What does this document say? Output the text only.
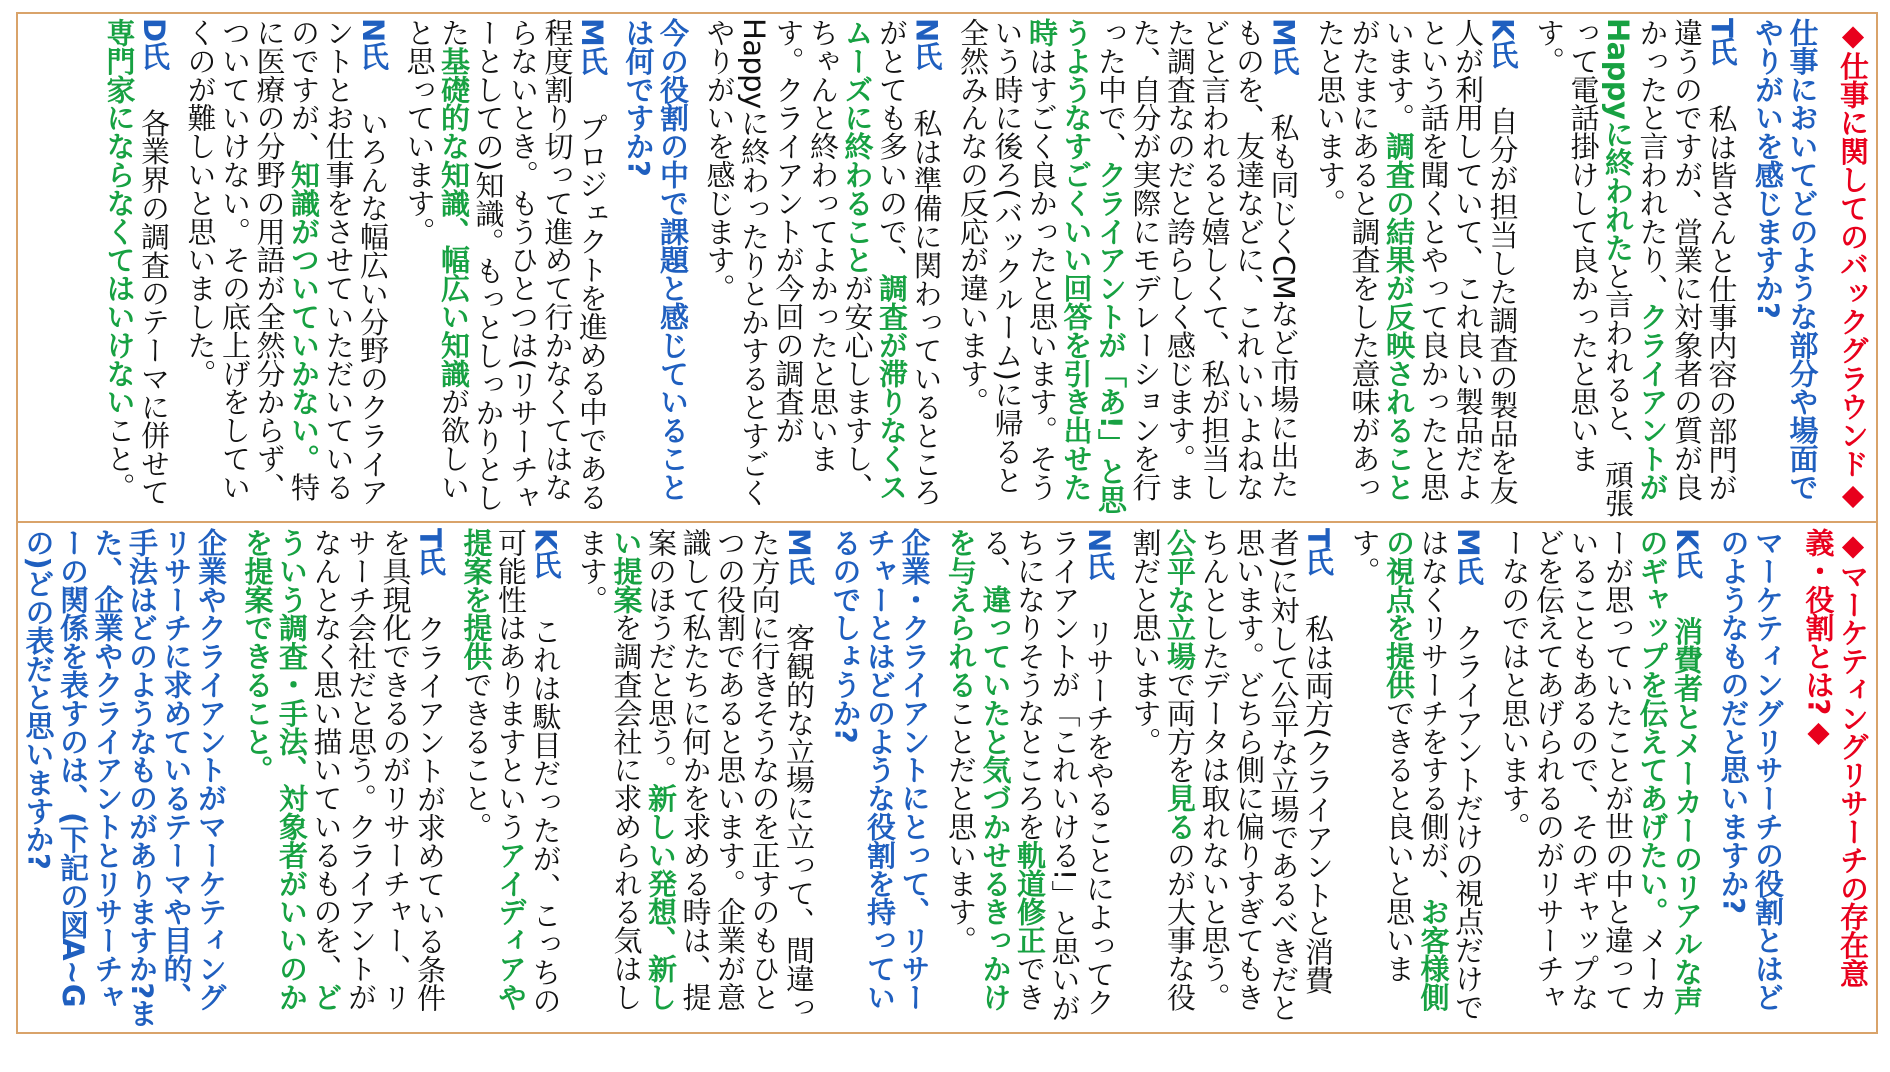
◆仕事に関してのバックグラウンド◆
仕事においてどのような部分や場面でやりがいを感じますか?
T氏　私は皆さんと仕事内容の部門が違うのですが、営業に対象者の質が良かったと言われたり、クライアントがHappyに終われたと言われると、頑張って電話掛けして良かったと思います。
K氏　自分が担当した調査の製品を友人が利用していて、これ良い製品だよという話を聞くとやって良かったと思います。調査の結果が反映されることがたまにあると調査をした意味があったと思います。
M氏　私も同じくCMなど市場に出たものを、友達などに、これいいよねなどと言われると嬉しくて、私が担当した調査なのだと誇らしく感じます。また、自分が実際にモデレーションを行った中で、クライアントが「あ!」と思うようなすごくいい回答を引き出せた時はすごく良かったと思います。そういう時に後ろ(バックルーム)に帰ると全然みんなの反応が違います。
N氏　私は準備に関わっているところがとても多いので、調査が滞りなくスムーズに終わることが安心しますし、ちゃんと終わってよかったと思います。クライアントが今回の調査がHappyに終わったりとかするとすごくやりがいを感じます。
今の役割の中で課題と感じていることは何ですか?
M氏　プロジェクトを進める中である程度割り切って進めて行かなくてはならないとき。もうひとつは(リサーチャーとしての)知識。もっとしっかりとした基礎的な知識、幅広い知識が欲しいと思っています。
N氏　いろんな幅広い分野のクライアントとお仕事をさせていただいているのですが、知識がついていかない。特に医療の分野の用語が全然分からず、ついていけない。その底上げをしていくのが難しいと思いました。
D氏　各業界の調査のテーマに併せて専門家にならなくてはいけないこと。
◆マーケティングリサーチの存在意義・役割とは?◆
マーケティングリサーチの役割とはどのようなものだと思いますか?
K氏　消費者とメーカーのリアルな声のギャップを伝えてあげたい。メーカーが思っていたことが世の中と違っていることもあるので、そのギャップなどを伝えてあげられるのがリサーチャーなのではと思います。
M氏　クライアントだけの視点だけではなくリサーチをする側が、お客様側の視点を提供できると良いと思います。
T氏　私は両方(クライアントと消費者)に対して公平な立場であるべきだと思います。どちら側に偏りすぎてもきちんとしたデータは取れないと思う。公平な立場で両方を見るのが大事な役割だと思います。
N氏　リサーチをやることによってクライアントが「これいける!」と思いがちになりそうなところを軌道修正できる、違っていたと気づかせるきっかけを与えられることだと思います。
企業・クライアントにとって、リサーチャーとはどのような役割を持っているのでしょうか?
M氏　客観的な立場に立って、間違った方向に行きそうなのを正すのもひとつの役割であると思います。企業が意識して私たちに何かを求める時は、提案のほうだと思う。新しい発想、新しい提案を調査会社に求められる気はします。
K氏　これは駄目だったが、こっちの可能性はありますというアイディアや提案を提供できること。
T氏　クライアントが求めている条件を具現化できるのがリサーチャー、リサーチ会社だと思う。クライアントがなんとなく思い描いているものを、どういう調査・手法、対象者がいいのかを提案できること。
企業やクライアントがマーケティングリサーチに求めているテーマや目的、手法はどのようなものがありますか?また、企業やクライアントとリサーチャーの関係を表すのは、(下記の図A~Gの)どの表だと思いますか?
